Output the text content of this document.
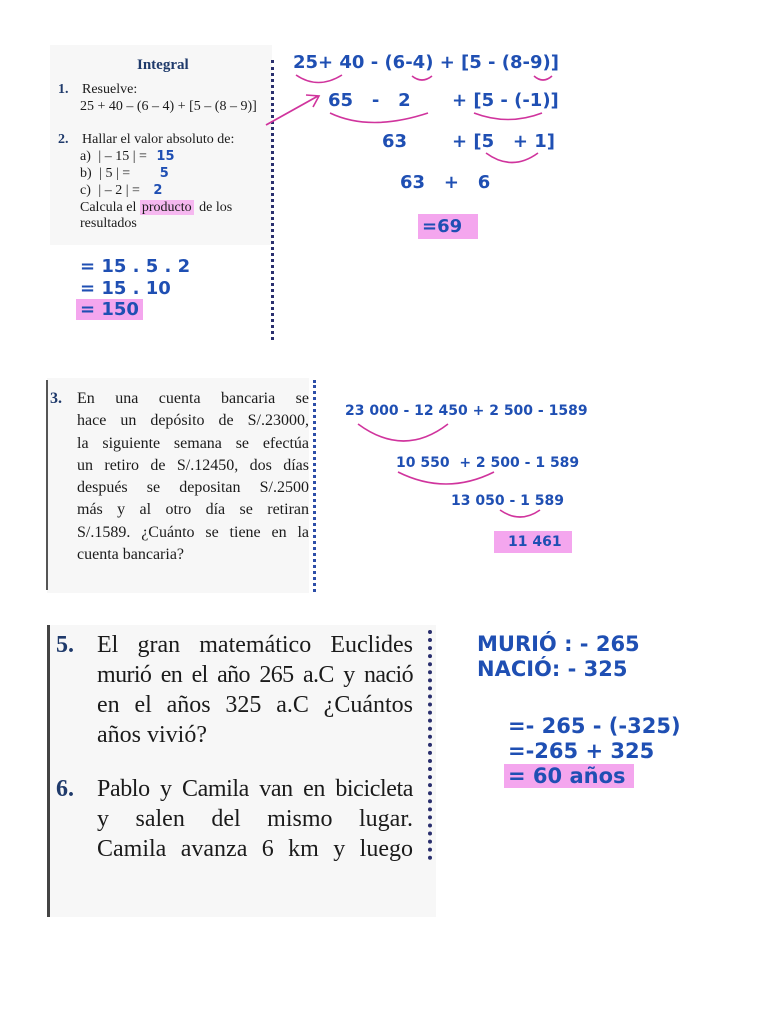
Integral
1. Resuelve:
25 + 40 – (6 – 4) + [5 – (8 – 9)]
2. Hallar el valor absoluto de:
a) | – 15 | = 15
b) | 5 | = 5
c) | – 2 | = 2
Calcula el producto de los
resultados
= 15 . 5 . 2
= 15 . 10
= 150
25+ 40 - (6-4) + [5 - (8-9)]
65   -   2 + [5 - (-1)]
63 + [5   + 1]
63   +   6
=69
3. En una cuenta bancaria se
hace un depósito de S/.23000,
la siguiente semana se efectúa
un retiro de S/.12450, dos días
después se depositan S/.2500
más y al otro día se retiran
S/.1589. ¿Cuánto se tiene en la
cuenta bancaria?
23 000 - 12 450 + 2 500 - 1589
10 550  + 2 500 - 1 589
13 050 - 1 589
11 461
5. El gran matemático Euclides
murió en el año 265 a.C y nació
en el años 325 a.C ¿Cuántos
años vivió?
6. Pablo y Camila van en bicicleta
y salen del mismo lugar.
Camila avanza 6 km y luego
MURIÓ : - 265
NACIÓ: - 325
=- 265 - (-325)
=-265 + 325
= 60 años
